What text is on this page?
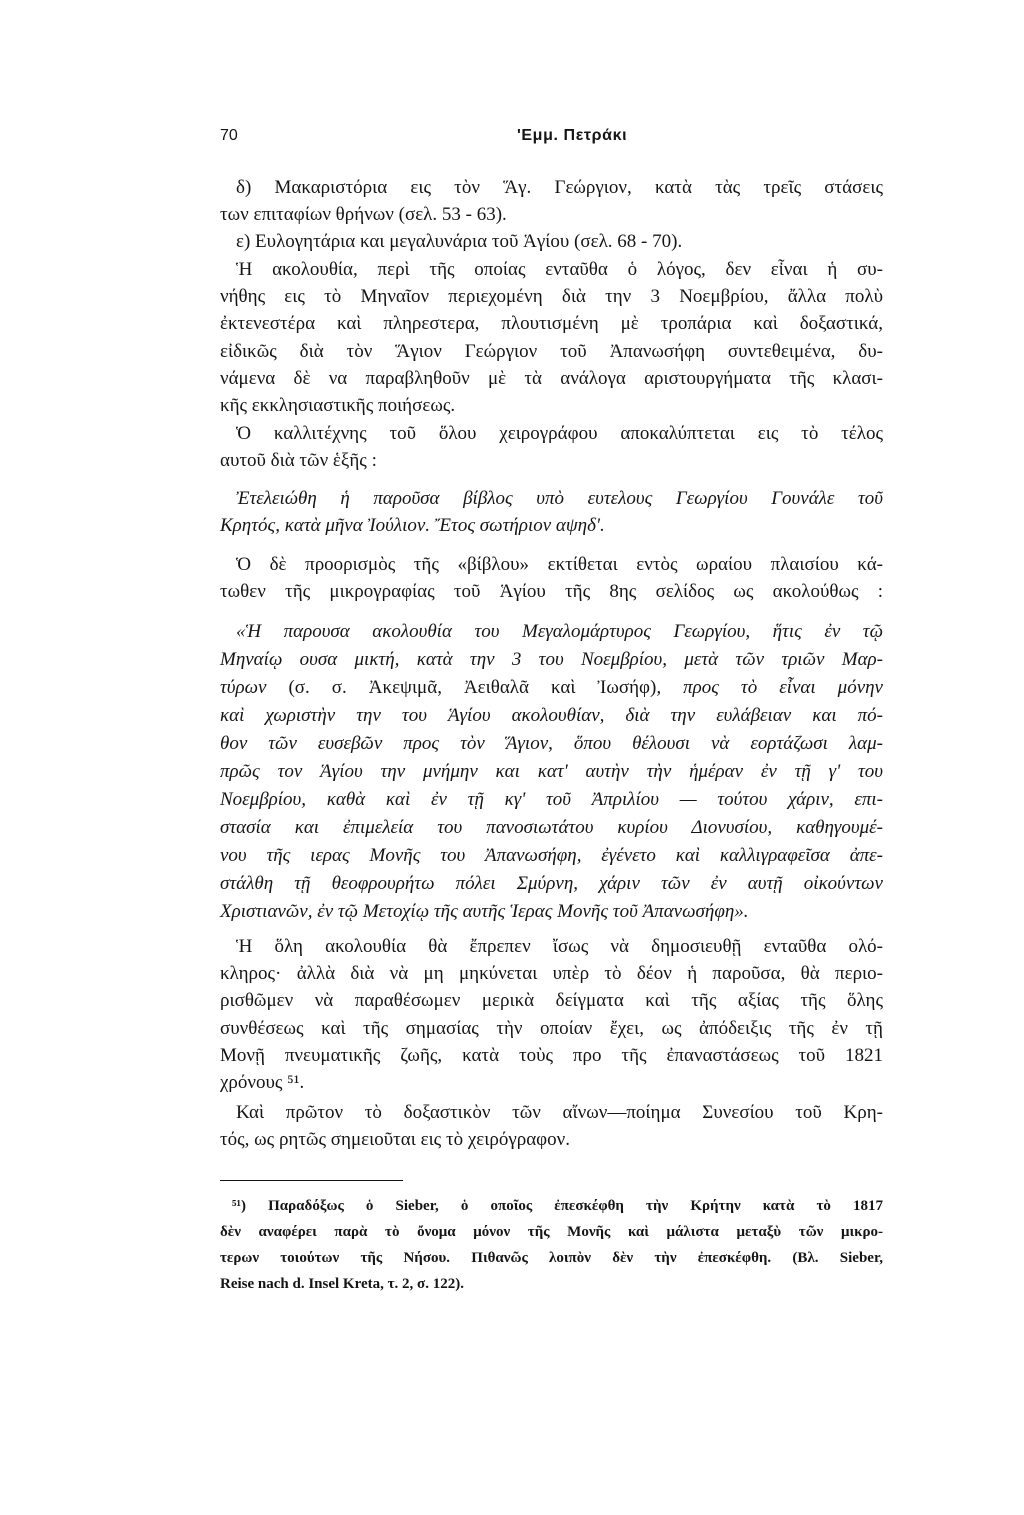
70	'Εμμ. Πετράκι
δ) Μακαριστόρια εις τὸν Ἅγ. Γεώργιον, κατὰ τὰς τρεῖς στάσεις
των επιταφίων θρήνων (σελ. 53 - 63).
ε) Ευλογητάρια και μεγαλυνάρια τοῦ Ἁγίου (σελ. 68 - 70).
Ἡ ακολουθία, περὶ τῆς οποίας ενταῦθα ὁ λόγος, δεν εἶναι ἡ συ-
νήθης εις τὸ Μηναῖον περιεχομένη διὰ την 3 Νοεμβρίου, ἄλλα πολὺ
ἐκτενεστέρα καὶ πληρεστερα, πλουτισμένη μὲ τροπάρια καὶ δοξαστικά,
εἰδικῶς διὰ τὸν Ἅγιον Γεώργιον τοῦ Ἀπανωσήφη συντεθειμένα, δυ-
νάμενα δὲ να παραβληθοῦν μὲ τὰ ανάλογα αριστουργήματα τῆς κλασι-
κῆς εκκλησιαστικῆς ποιήσεως.
Ὁ καλλιτέχνης τοῦ ὅλου χειρογράφου αποκαλύπτεται εις τὸ τέλος
αυτοῦ διὰ τῶν ἑξῆς :
Ἐτελειώθη ἡ παροῦσα βίβλος υπὸ ευτελους Γεωργίου Γουνάλε τοῦ
Κρητός, κατὰ μῆνα Ἰούλιον. Ἔτος σωτήριον αψηδ'.
Ὁ δὲ προορισμὸς τῆς «βίβλου» εκτίθεται εντὸς ωραίου πλαισίου κά-
τωθεν τῆς μικρογραφίας τοῦ Ἁγίου τῆς 8ης σελίδος ως ακολούθως :
«Ἡ παρουσα ακολουθία του Μεγαλομάρτυρος Γεωργίου, ἥτις ἐν τῷ
Μηναίῳ ουσα μικτή, κατὰ την 3 του Νοεμβρίου, μετὰ τῶν τριῶν Μαρ-
τύρων (σ. σ. Ἀκεψιμᾶ, Ἀειθαλᾶ καὶ Ἰωσήφ), προς τὸ εἶναι μόνην
καὶ χωριστὴν την του Ἁγίου ακολουθίαν, διὰ την ευλάβειαν και πό-
θον τῶν ευσεβῶν προς τὸν Ἅγιον, ὅπου θέλουσι νὰ εορτάζωσι λαμ-
πρῶς τον Ἁγίου την μνήμην και κατ' αυτὴν τὴν ἡμέραν ἐν τῇ γ' του
Νοεμβρίου, καθὰ καὶ ἐν τῇ κγ' τοῦ Ἀπριλίου — τούτου χάριν, επι-
στασία και ἐπιμελεία του πανοσιωτάτου κυρίου Διονυσίου, καθηγουμέ-
νου τῆς ιερας Μονῆς του Ἀπανωσήφη, ἐγένετο καὶ καλλιγραφεῖσα ἀπε-
στάλθη τῇ θεοφρουρήτω πόλει Σμύρνη, χάριν τῶν ἐν αυτῇ οἰκούντων
Χριστιανῶν, ἐν τῷ Μετοχίῳ τῆς αυτῆς Ἱερας Μονῆς τοῦ Ἀπανωσήφη».
Ἡ ὅλη ακολουθία θὰ ἔπρεπεν ἴσως νὰ δημοσιευθῇ ενταῦθα ολό-
κληρος· ἀλλὰ διὰ νὰ μη μηκύνεται υπὲρ τὸ δέον ἡ παροῦσα, θὰ περιο-
ρισθῶμεν νὰ παραθέσωμεν μερικὰ δείγματα καὶ τῆς αξίας τῆς ὅλης
συνθέσεως καὶ τῆς σημασίας τὴν οποίαν ἔχει, ως ἀπόδειξις τῆς ἐν τῇ
Μονῇ πνευματικῆς ζωῆς, κατὰ τοὺς προ τῆς ἐπαναστάσεως τοῦ 1821
χρόνους ⁵¹.
Καὶ πρῶτον τὸ δοξαστικὸν τῶν αἴνων—ποίημα Συνεσίου τοῦ Κρη-
τός, ως ρητῶς σημειοῦται εις τὸ χειρόγραφον.
⁵¹) Παραδόξως ὁ Sieber, ὁ οποῖος ἐπεσκέφθη τὴν Κρήτην κατὰ τὸ 1817
δὲν αναφέρει παρὰ τὸ ὄνομα μόνον τῆς Μονῆς καὶ μάλιστα μεταξὺ τῶν μικρο-
τερων τοιούτων τῆς Νήσου. Πιθανῶς λοιπὸν δὲν τὴν ἐπεσκέφθη. (Βλ. Sieber,
Reise nach d. Insel Kreta, τ. 2, σ. 122).
